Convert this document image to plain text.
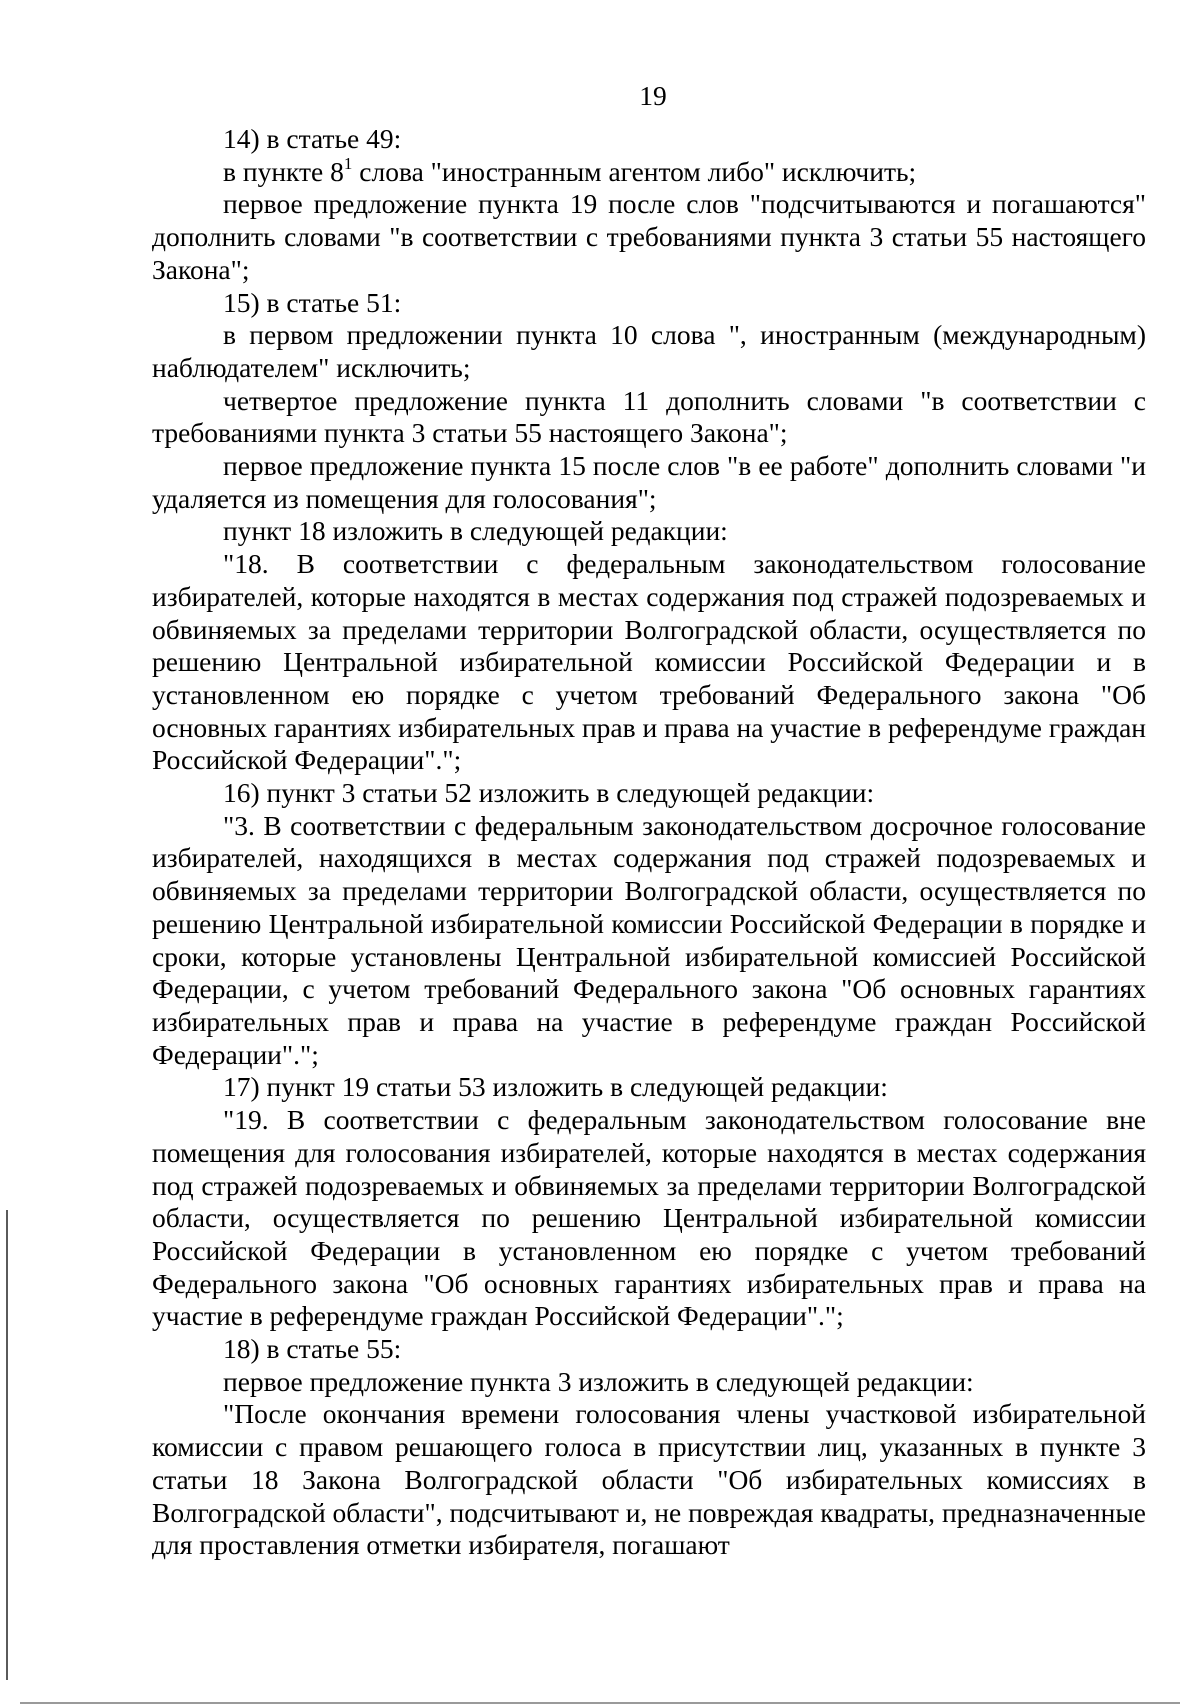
19

14) в статье 49:

в пункте $8^1$ слова "иностранным агентом либо" исключить;

первое предложение пункта 19 после слов "подсчитываются и погашаются" дополнить словами "в соответствии с требованиями пункта 3 статьи 55 настоящего Закона";

15) в статье 51:

в первом предложении пункта 10 слова ", иностранным (международным) наблюдателем" исключить;

четвертое предложение пункта 11 дополнить словами "в соответствии с требованиями пункта 3 статьи 55 настоящего Закона";

первое предложение пункта 15 после слов "в ее работе" дополнить словами "и удаляется из помещения для голосования";

пункт 18 изложить в следующей редакции:

"18. В соответствии с федеральным законодательством голосование избирателей, которые находятся в местах содержания под стражей подозреваемых и обвиняемых за пределами территории Волгоградской области, осуществляется по решению Центральной избирательной комиссии Российской Федерации и в установленном ею порядке с учетом требований Федерального закона "Об основных гарантиях избирательных прав и права на участие в референдуме граждан Российской Федерации".";

16) пункт 3 статьи 52 изложить в следующей редакции:

"3. В соответствии с федеральным законодательством досрочное голосование избирателей, находящихся в местах содержания под стражей подозреваемых и обвиняемых за пределами территории Волгоградской области, осуществляется по решению Центральной избирательной комиссии Российской Федерации в порядке и сроки, которые установлены Центральной избирательной комиссией Российской Федерации, с учетом требований Федерального закона "Об основных гарантиях избирательных прав и права на участие в референдуме граждан Российской Федерации".";

17) пункт 19 статьи 53 изложить в следующей редакции:

"19. В соответствии с федеральным законодательством голосование вне помещения для голосования избирателей, которые находятся в местах содержания под стражей подозреваемых и обвиняемых за пределами территории Волгоградской области, осуществляется по решению Центральной избирательной комиссии Российской Федерации в установленном ею порядке с учетом требований Федерального закона "Об основных гарантиях избирательных прав и права на участие в референдуме граждан Российской Федерации".";

18) в статье 55:

первое предложение пункта 3 изложить в следующей редакции:

"После окончания времени голосования члены участковой избирательной комиссии с правом решающего голоса в присутствии лиц, указанных в пункте 3 статьи 18 Закона Волгоградской области "Об избирательных комиссиях в Волгоградской области", подсчитывают и, не повреждая квадраты, предназначенные для проставления отметки избирателя, погашают
